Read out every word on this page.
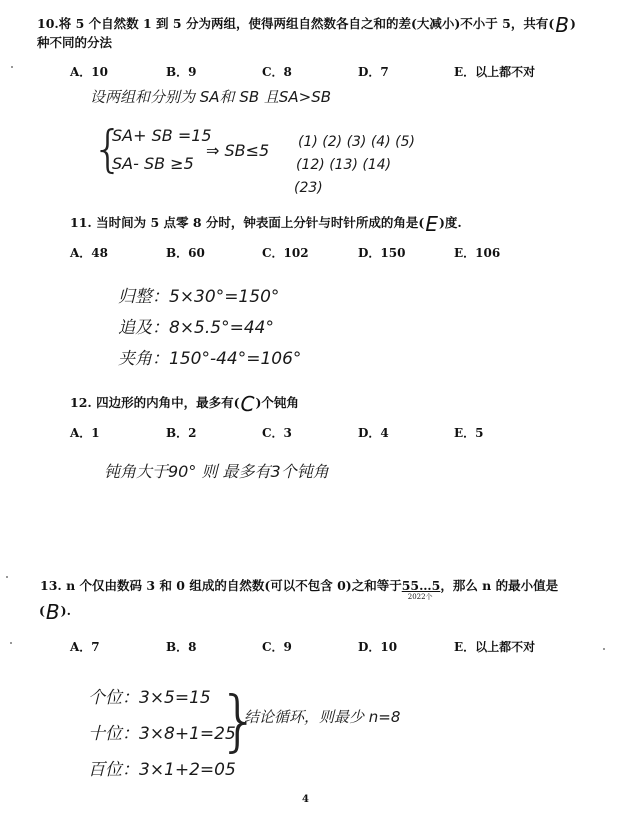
10.将 5 个自然数 1 到 5 分为两组，使得两组自然数各自之和的差(大减小)不小于 5，共有(B)
种不同的分法
A．10	B．9	C．8	D．7	E．以上都不对
设两组和分别为 SA和 SB 且SA>SB
{
SA+ SB =15
SA- SB ≥5
⇒ SB≤5 (1) (2) (3) (4) (5)
(12) (13) (14)
(23)
11. 当时间为 5 点零 8 分时，钟表面上分针与时针所成的角是(E)度.
A．48	B．60	C．102	D．150	E．106
归整：5×30°=150°
追及：8×5.5°=44°
夹角：150°-44°=106°
12. 四边形的内角中，最多有(C)个钝角
A．1	B．2	C．3	D．4	E．5
钝角大于90° 则 最多有3个钝角
13. n 个仅由数码 3 和 0 组成的自然数(可以不包含 0)之和等于55…5
2022个
，那么 n 的最小值是
(B).
A．7	B．8	C．9	D．10	E．以上都不对
个位：3×5=15
十位：3×8+1=25
百位：3×1+2=05
}
结论循环，则最少 n=8
4
